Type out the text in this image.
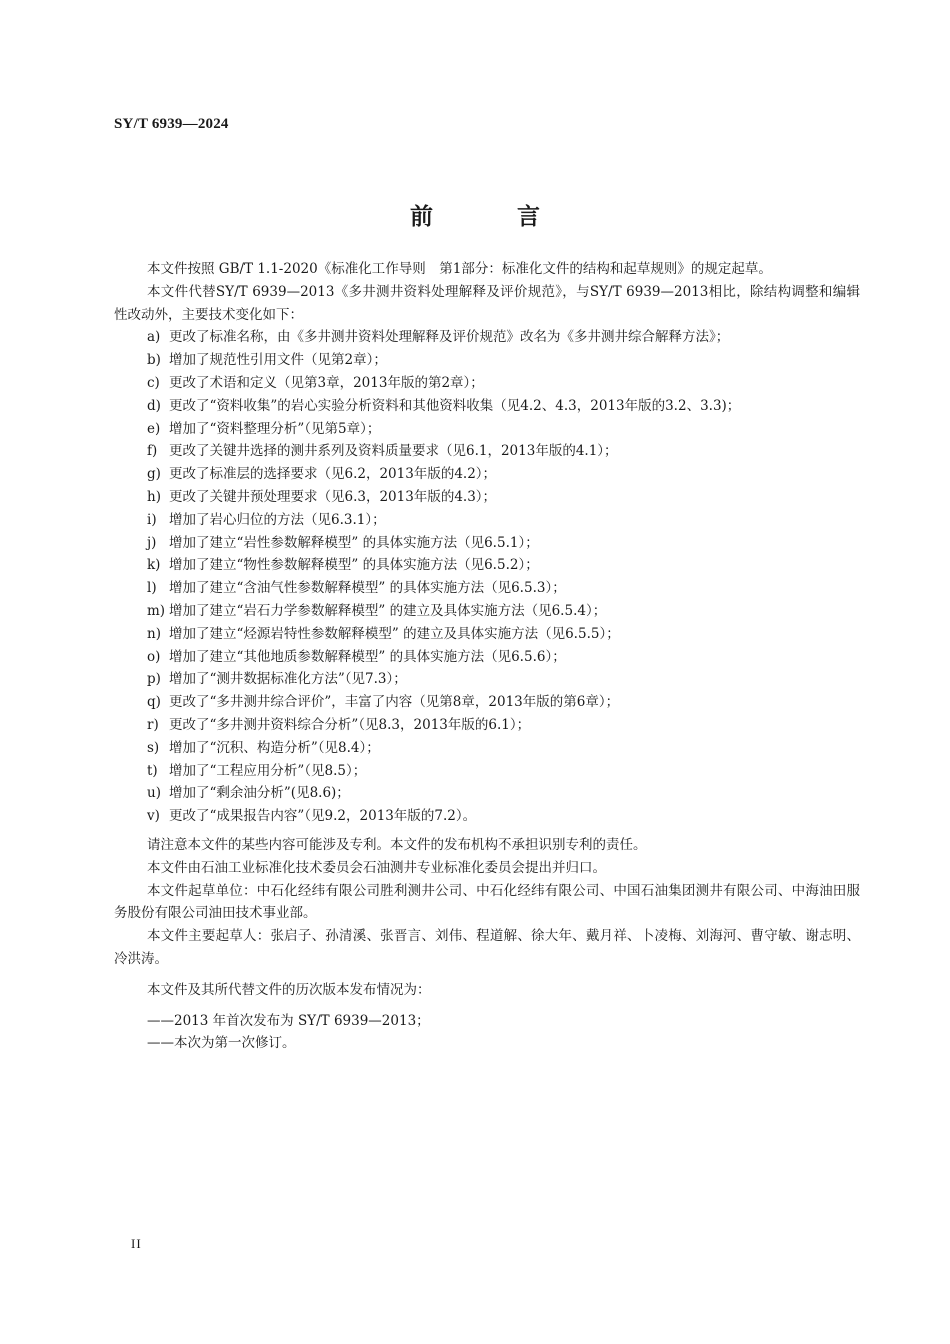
SY/T 6939—2024
前 言

本文件按照 GB/T 1.1-2020《标准化工作导则　第1部分：标准化文件的结构和起草规则》的规定起草。

本文件代替SY/T 6939—2013《多井测井资料处理解释及评价规范》，与SY/T 6939—2013相比，除结构调整和编辑性改动外，主要技术变化如下：

a) 更改了标准名称，由《多井测井资料处理解释及评价规范》改名为《多井测井综合解释方法》；
b) 增加了规范性引用文件（见第2章）；
c) 更改了术语和定义（见第3章，2013年版的第2章）；
d) 更改了“资料收集”的岩心实验分析资料和其他资料收集（见4.2、4.3，2013年版的3.2、3.3)；
e) 增加了“资料整理分析”（见第5章）；
f) 更改了关键井选择的测井系列及资料质量要求（见6.1，2013年版的4.1）；
g) 更改了标准层的选择要求（见6.2，2013年版的4.2）；
h) 更改了关键井预处理要求（见6.3，2013年版的4.3）；
i) 增加了岩心归位的方法（见6.3.1）；
j) 增加了建立“岩性参数解释模型” 的具体实施方法（见6.5.1）；
k) 增加了建立“物性参数解释模型” 的具体实施方法（见6.5.2）；
l) 增加了建立“含油气性参数解释模型” 的具体实施方法（见6.5.3）；
m) 增加了建立“岩石力学参数解释模型” 的建立及具体实施方法（见6.5.4）；
n) 增加了建立“烃源岩特性参数解释模型” 的建立及具体实施方法（见6.5.5）；
o) 增加了建立“其他地质参数解释模型” 的具体实施方法（见6.5.6）；
p) 增加了“测井数据标准化方法”（见7.3）；
q) 更改了“多井测井综合评价”，丰富了内容（见第8章，2013年版的第6章）；
r) 更改了“多井测井资料综合分析”（见8.3，2013年版的6.1）；
s) 增加了“沉积、构造分析”（见8.4）；
t) 增加了“工程应用分析”（见8.5）；
u) 增加了“剩余油分析”(见8.6)；
v) 更改了“成果报告内容”（见9.2，2013年版的7.2）。

请注意本文件的某些内容可能涉及专利。本文件的发布机构不承担识别专利的责任。

本文件由石油工业标准化技术委员会石油测井专业标准化委员会提出并归口。

本文件起草单位：中石化经纬有限公司胜利测井公司、中石化经纬有限公司、中国石油集团测井有限公司、中海油田服务股份有限公司油田技术事业部。

本文件主要起草人：张启子、孙清溪、张晋言、刘伟、程道解、徐大年、戴月祥、卜凌梅、刘海河、曹守敏、谢志明、冷洪涛。

本文件及其所代替文件的历次版本发布情况为：

——2013 年首次发布为 SY/T 6939—2013；

——本次为第一次修订。

II
